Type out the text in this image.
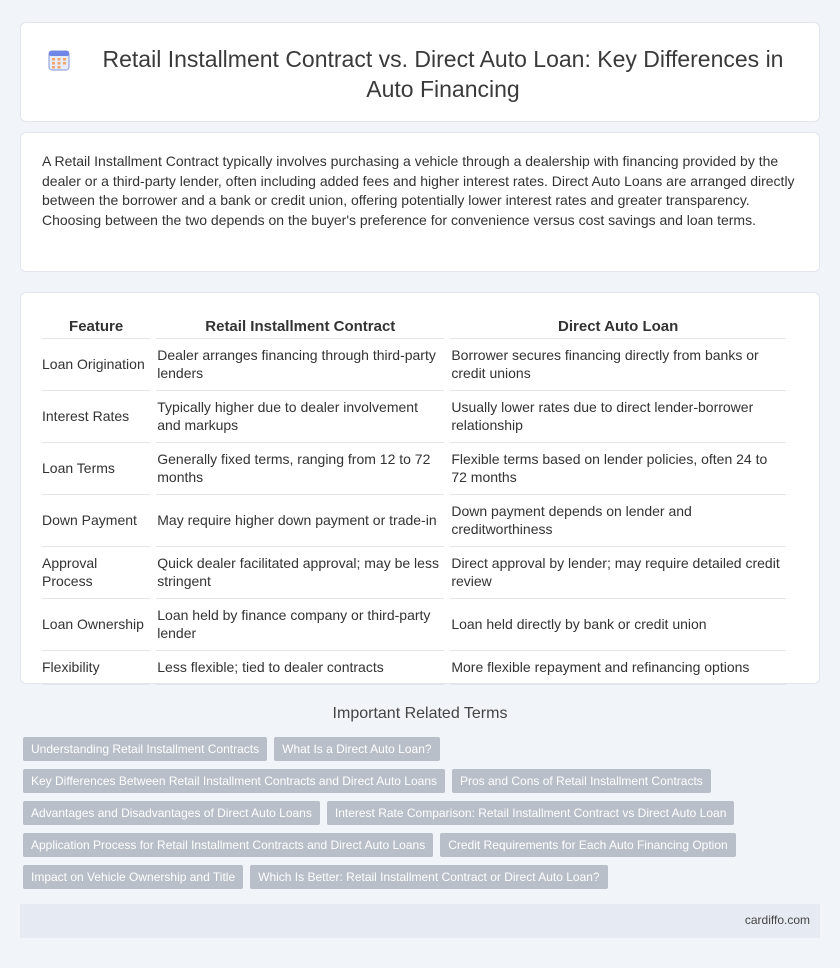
Retail Installment Contract vs. Direct Auto Loan: Key Differences in Auto Financing

A Retail Installment Contract typically involves purchasing a vehicle through a dealership with financing provided by the dealer or a third-party lender, often including added fees and higher interest rates. Direct Auto Loans are arranged directly between the borrower and a bank or credit union, offering potentially lower interest rates and greater transparency. Choosing between the two depends on the buyer's preference for convenience versus cost savings and loan terms.

Feature	Retail Installment Contract	Direct Auto Loan
Loan Origination	Dealer arranges financing through third-party lenders	Borrower secures financing directly from banks or credit unions
Interest Rates	Typically higher due to dealer involvement and markups	Usually lower rates due to direct lender-borrower relationship
Loan Terms	Generally fixed terms, ranging from 12 to 72 months	Flexible terms based on lender policies, often 24 to 72 months
Down Payment	May require higher down payment or trade-in	Down payment depends on lender and creditworthiness
Approval Process	Quick dealer facilitated approval; may be less stringent	Direct approval by lender; may require detailed credit review
Loan Ownership	Loan held by finance company or third-party lender	Loan held directly by bank or credit union
Flexibility	Less flexible; tied to dealer contracts	More flexible repayment and refinancing options
Important Related Terms
Understanding Retail Installment Contracts	What Is a Direct Auto Loan?
Key Differences Between Retail Installment Contracts and Direct Auto Loans	Pros and Cons of Retail Installment Contracts
Advantages and Disadvantages of Direct Auto Loans	Interest Rate Comparison: Retail Installment Contract vs Direct Auto Loan
Application Process for Retail Installment Contracts and Direct Auto Loans	Credit Requirements for Each Auto Financing Option
Impact on Vehicle Ownership and Title	Which Is Better: Retail Installment Contract or Direct Auto Loan?
cardiffo.com
